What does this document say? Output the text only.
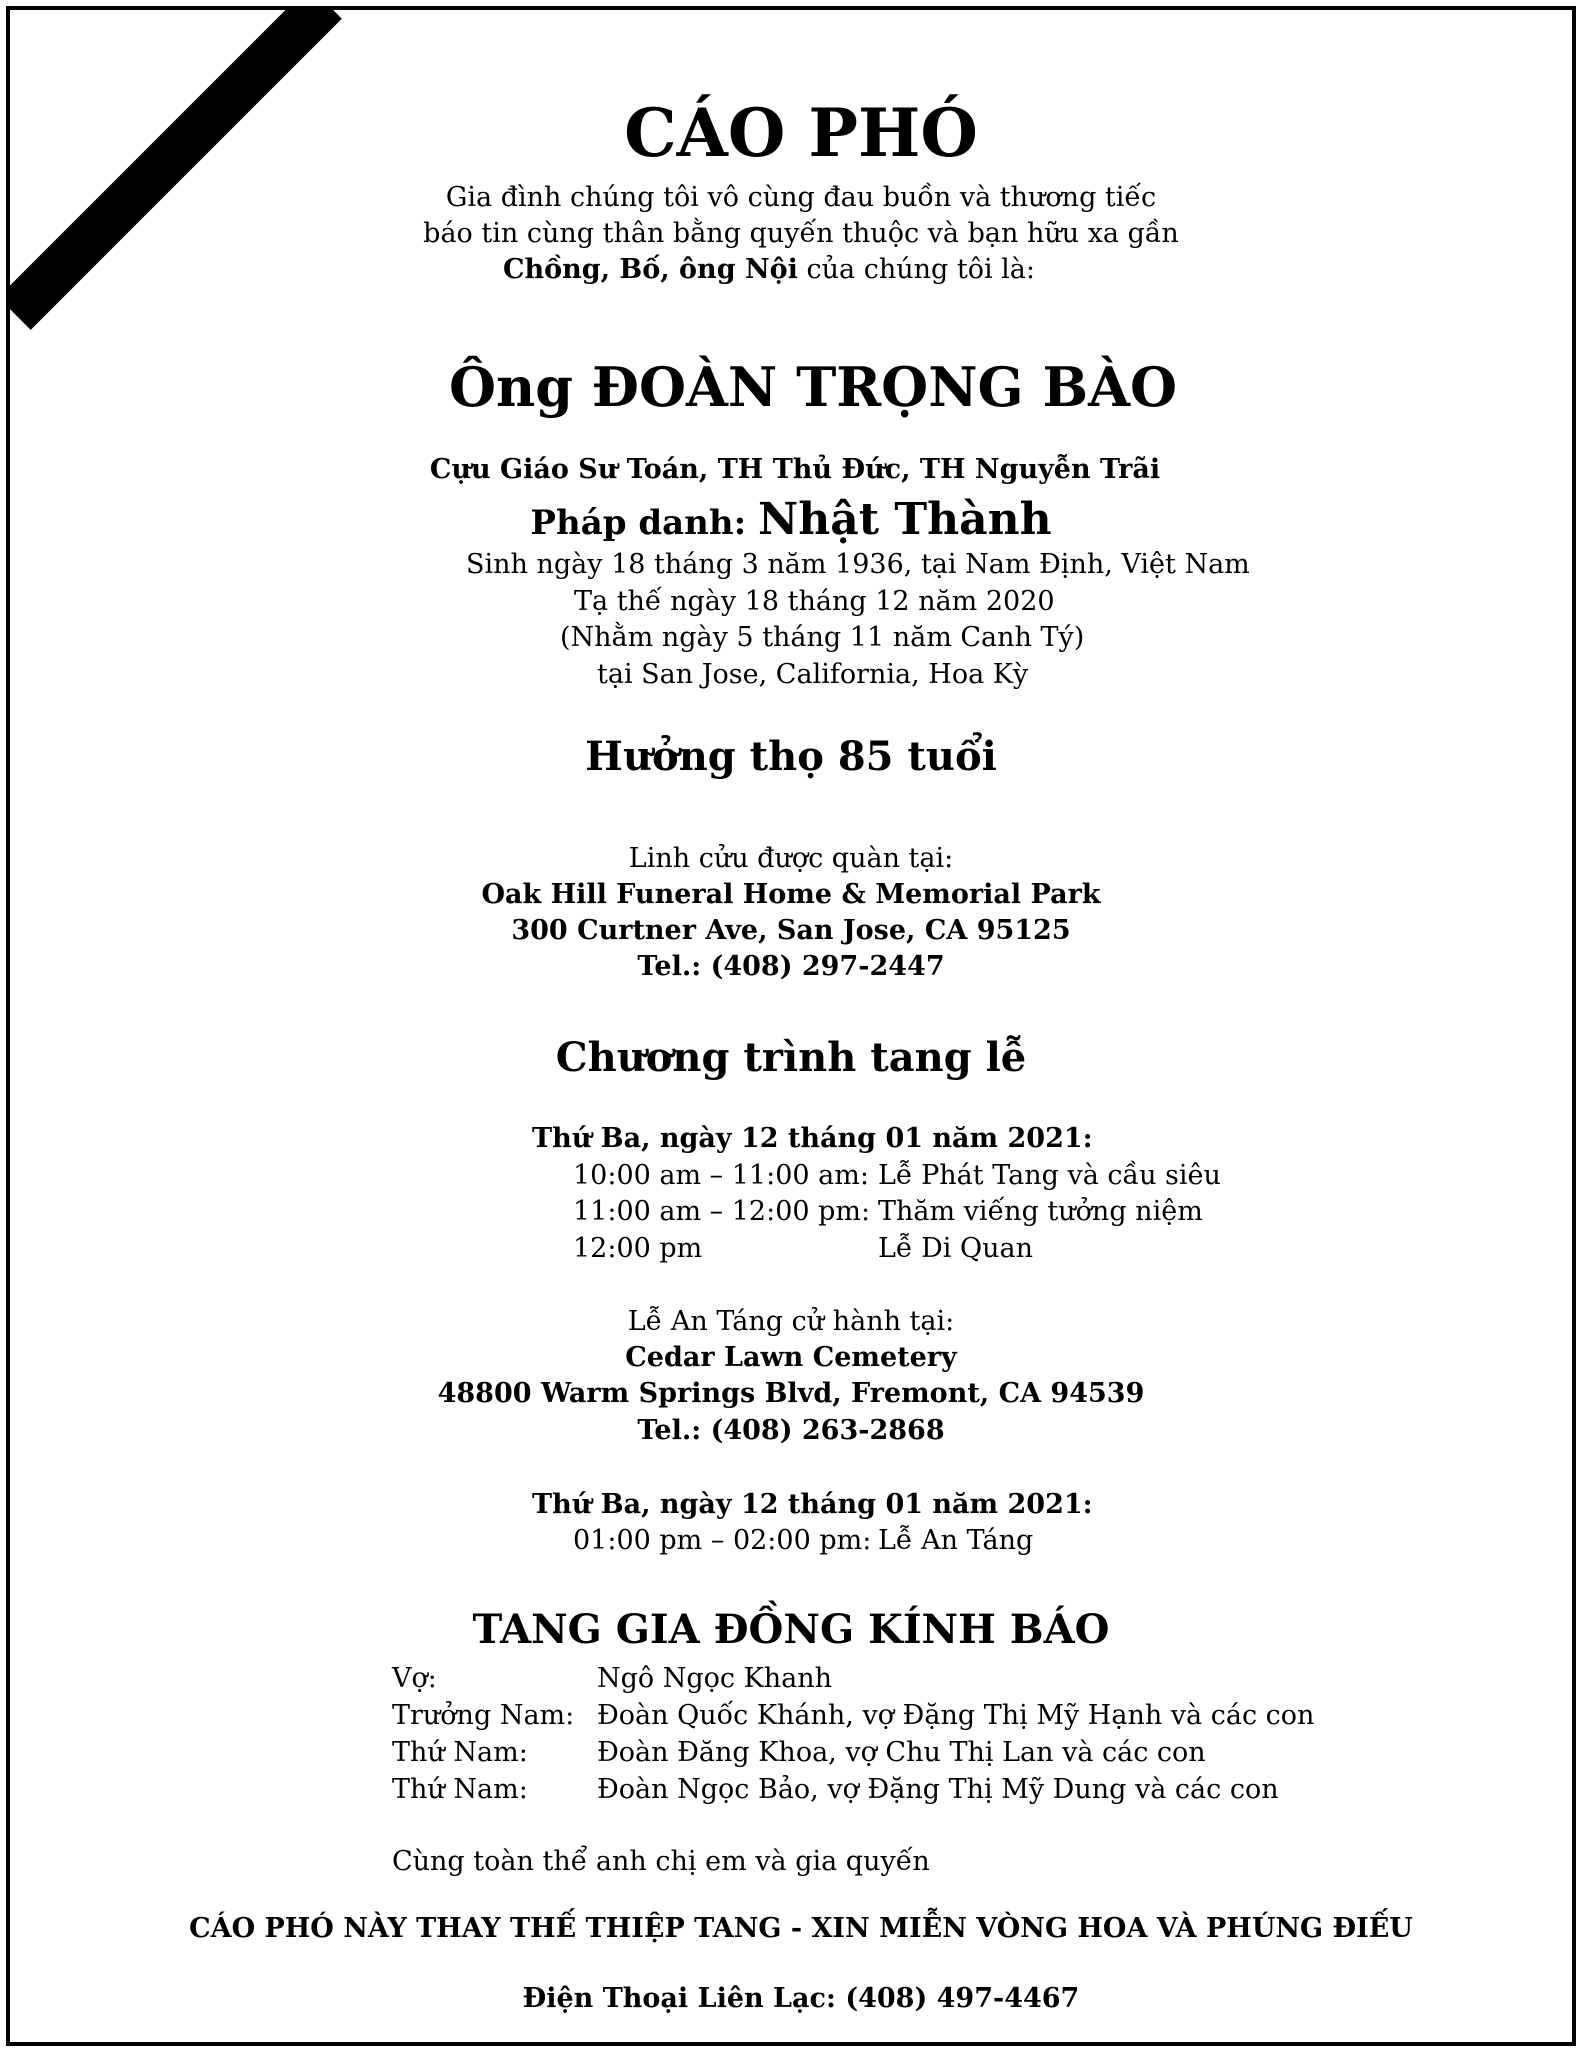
CÁO PHÓ
Gia đình chúng tôi vô cùng đau buồn và thương tiếc
báo tin cùng thân bằng quyến thuộc và bạn hữu xa gần
Chồng, Bố, ông Nội của chúng tôi là:
Ông ĐOÀN TRỌNG BÀO
Cựu Giáo Sư Toán, TH Thủ Đức, TH Nguyễn Trãi
Pháp danh: Nhật Thành
Sinh ngày 18 tháng 3 năm 1936, tại Nam Định, Việt Nam
Tạ thế ngày 18 tháng 12 năm 2020
(Nhằm ngày 5 tháng 11 năm Canh Tý)
tại San Jose, California, Hoa Kỳ
Hưởng thọ 85 tuổi
Linh cửu được quàn tại:
Oak Hill Funeral Home & Memorial Park
300 Curtner Ave, San Jose, CA 95125
Tel.: (408) 297-2447
Chương trình tang lễ
Thứ Ba, ngày 12 tháng 01 năm 2021:
10:00 am – 11:00 am: Lễ Phát Tang và cầu siêu
11:00 am – 12:00 pm: Thăm viếng tưởng niệm
12:00 pm	Lễ Di Quan
Lễ An Táng cử hành tại:
Cedar Lawn Cemetery
48800 Warm Springs Blvd, Fremont, CA 94539
Tel.: (408) 263-2868
Thứ Ba, ngày 12 tháng 01 năm 2021:
01:00 pm – 02:00 pm: Lễ An Táng
TANG GIA ĐỒNG KÍNH BÁO
Vợ:	Ngô Ngọc Khanh
Trưởng Nam: Đoàn Quốc Khánh, vợ Đặng Thị Mỹ Hạnh và các con
Thứ Nam:	Đoàn Đăng Khoa, vợ Chu Thị Lan và các con
Thứ Nam:	Đoàn Ngọc Bảo, vợ Đặng Thị Mỹ Dung và các con
Cùng toàn thể anh chị em và gia quyến
CÁO PHÓ NÀY THAY THẾ THIỆP TANG - XIN MIỄN VÒNG HOA VÀ PHÚNG ĐIẾU
Điện Thoại Liên Lạc: (408) 497-4467
